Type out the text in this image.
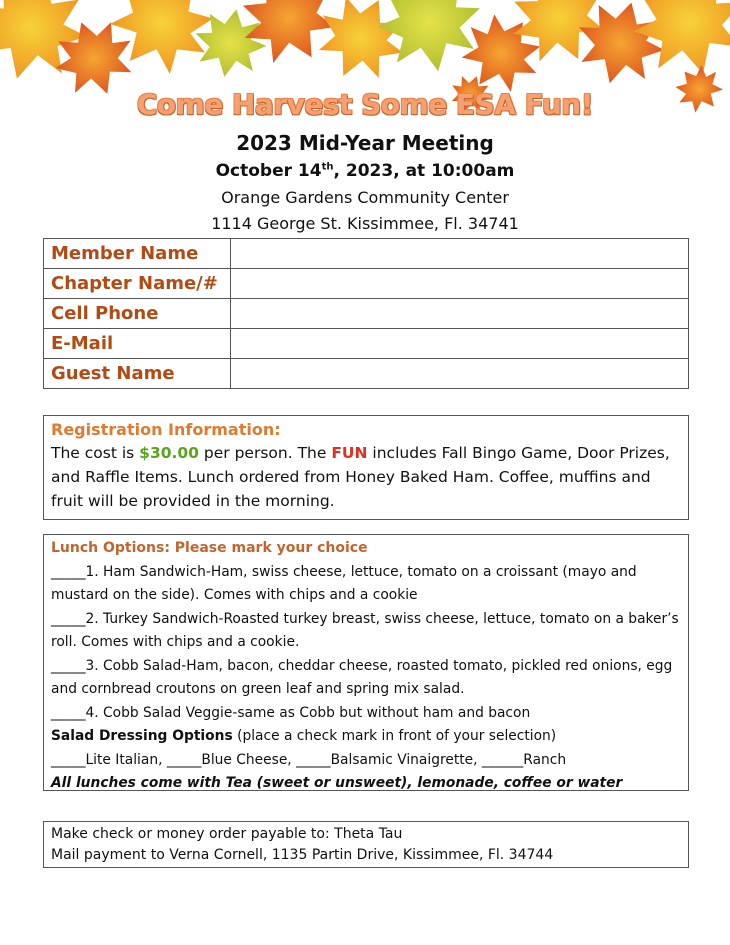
Come Harvest Some ESA Fun!
2023 Mid-Year Meeting
October 14th, 2023, at 10:00am
Orange Gardens Community Center
1114 George St. Kissimmee, Fl. 34741
Member Name	
Chapter Name/#	
Cell Phone	
E-Mail	
Guest Name	
Registration Information:
The cost is $30.00 per person. The FUN includes Fall Bingo Game, Door Prizes, and Raffle Items. Lunch ordered from Honey Baked Ham. Coffee, muffins and fruit will be provided in the morning.

Lunch Options: Please mark your choice

_____1. Ham Sandwich-Ham, swiss cheese, lettuce, tomato on a croissant (mayo and mustard on the side). Comes with chips and a cookie

_____2. Turkey Sandwich-Roasted turkey breast, swiss cheese, lettuce, tomato on a baker’s roll. Comes with chips and a cookie.

_____3. Cobb Salad-Ham, bacon, cheddar cheese, roasted tomato, pickled red onions, egg and cornbread croutons on green leaf and spring mix salad.

_____4. Cobb Salad Veggie-same as Cobb but without ham and bacon

Salad Dressing Options (place a check mark in front of your selection)

_____Lite Italian, _____Blue Cheese, _____Balsamic Vinaigrette, ______Ranch

All lunches come with Tea (sweet or unsweet), lemonade, coffee or water

Make check or money order payable to: Theta Tau
Mail payment to Verna Cornell, 1135 Partin Drive, Kissimmee, Fl. 34744
